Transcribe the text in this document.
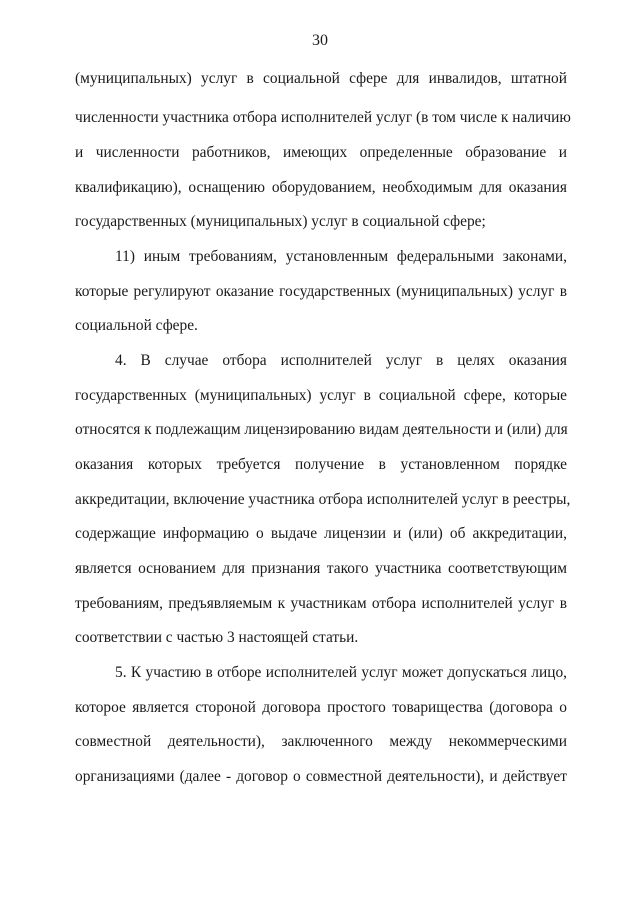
30
(муниципальных) услуг в социальной сфере для инвалидов, штатной
численности участника отбора исполнителей услуг (в том числе к наличию
и численности работников, имеющих определенные образование и
квалификацию), оснащению оборудованием, необходимым для оказания
государственных (муниципальных) услуг в социальной сфере;
11) иным требованиям, установленным федеральными законами,
которые регулируют оказание государственных (муниципальных) услуг в
социальной сфере.
4. В случае отбора исполнителей услуг в целях оказания
государственных (муниципальных) услуг в социальной сфере, которые
относятся к подлежащим лицензированию видам деятельности и (или) для
оказания которых требуется получение в установленном порядке
аккредитации, включение участника отбора исполнителей услуг в реестры,
содержащие информацию о выдаче лицензии и (или) об аккредитации,
является основанием для признания такого участника соответствующим
требованиям, предъявляемым к участникам отбора исполнителей услуг в
соответствии с частью 3 настоящей статьи.
5. К участию в отборе исполнителей услуг может допускаться лицо,
которое является стороной договора простого товарищества (договора о
совместной деятельности), заключенного между некоммерческими
организациями (далее - договор о совместной деятельности), и действует
